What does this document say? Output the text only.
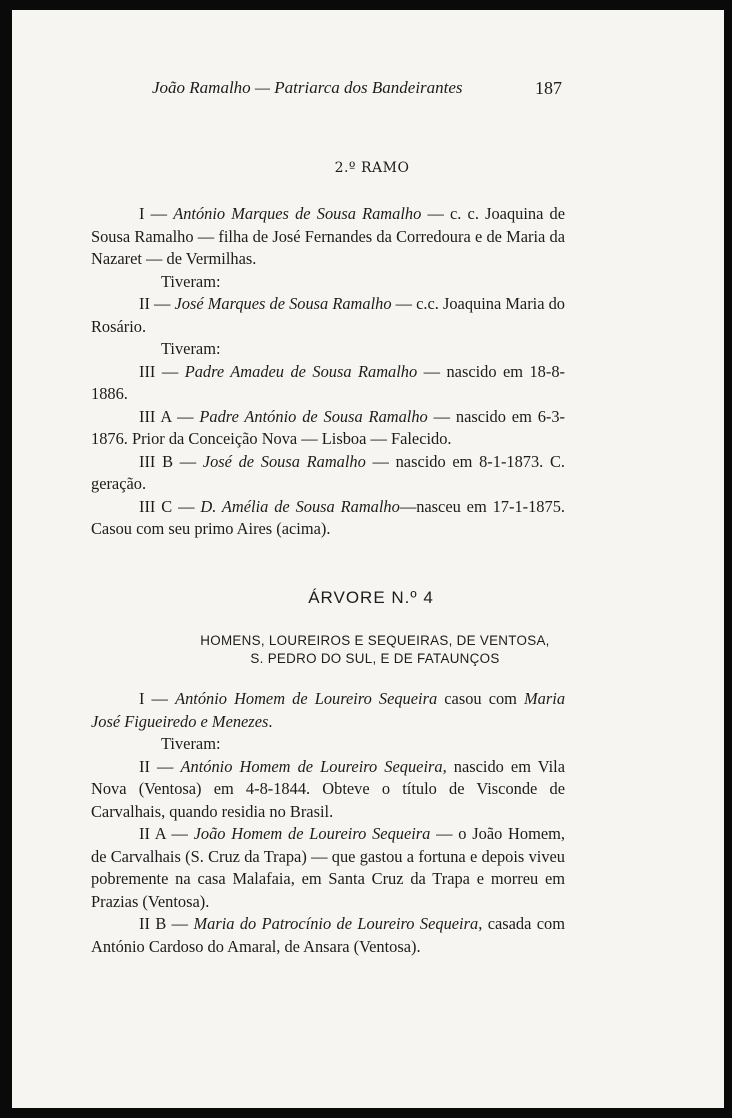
João Ramalho — Patriarca dos Bandeirantes	187
2.º RAMO

I — António Marques de Sousa Ramalho — c. c. Joaquina de Sousa Ramalho — filha de José Fernandes da Corredoura e de Maria da Nazaret — de Vermilhas.

Tiveram:

II — José Marques de Sousa Ramalho — c.c. Joaquina Maria do Rosário.

Tiveram:

III — Padre Amadeu de Sousa Ramalho — nascido em 18-8-1886.

III A — Padre António de Sousa Ramalho — nascido em 6-3-1876. Prior da Conceição Nova — Lisboa — Falecido.

III B — José de Sousa Ramalho — nascido em 8-1-1873. C. geração.

III C — D. Amélia de Sousa Ramalho—nasceu em 17-1-1875. Casou com seu primo Aires (acima).

ÁRVORE N.º 4
HOMENS, LOUREIROS E SEQUEIRAS, DE VENTOSA,
S. PEDRO DO SUL, E DE FATAUNÇOS

I — António Homem de Loureiro Sequeira casou com Maria José Figueiredo e Menezes.

Tiveram:

II — António Homem de Loureiro Sequeira, nascido em Vila Nova (Ventosa) em 4-8-1844. Obteve o título de Visconde de Carvalhais, quando residia no Brasil.

II A — João Homem de Loureiro Sequeira — o João Homem, de Carvalhais (S. Cruz da Trapa) — que gastou a fortuna e depois viveu pobremente na casa Malafaia, em Santa Cruz da Trapa e morreu em Prazias (Ventosa).

II B — Maria do Patrocínio de Loureiro Sequeira, casada com António Cardoso do Amaral, de Ansara (Ventosa).
